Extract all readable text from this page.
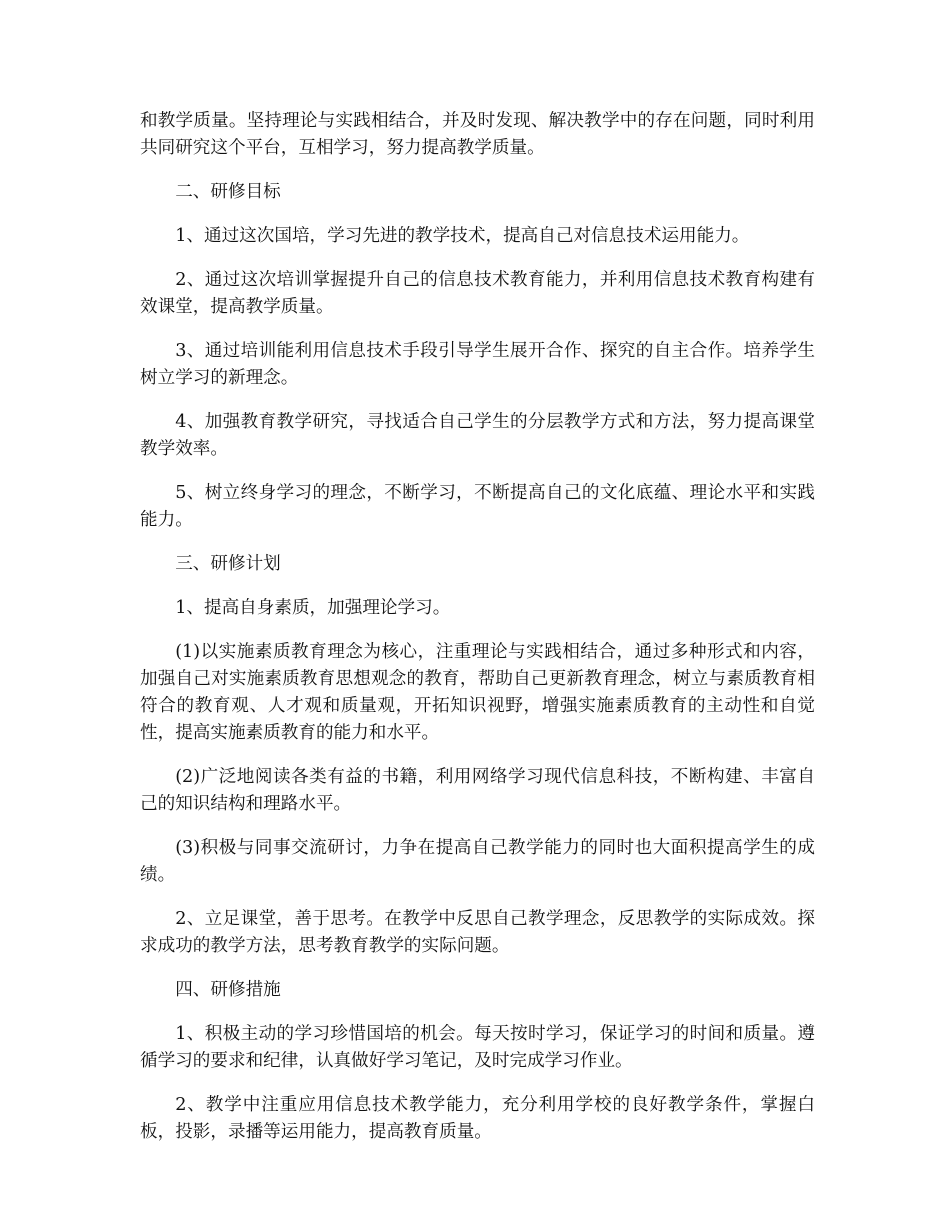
和教学质量。坚持理论与实践相结合，并及时发现、解决教学中的存在问题，同时利用共同研究这个平台，互相学习，努力提高教学质量。

二、研修目标

1、通过这次国培，学习先进的教学技术，提高自己对信息技术运用能力。

2、通过这次培训掌握提升自己的信息技术教育能力，并利用信息技术教育构建有效课堂，提高教学质量。

3、通过培训能利用信息技术手段引导学生展开合作、探究的自主合作。培养学生树立学习的新理念。

4、加强教育教学研究，寻找适合自己学生的分层教学方式和方法，努力提高课堂教学效率。

5、树立终身学习的理念，不断学习，不断提高自己的文化底蕴、理论水平和实践能力。

三、研修计划

1、提高自身素质，加强理论学习。

(1)以实施素质教育理念为核心，注重理论与实践相结合，通过多种形式和内容，加强自己对实施素质教育思想观念的教育，帮助自己更新教育理念，树立与素质教育相符合的教育观、人才观和质量观，开拓知识视野，增强实施素质教育的主动性和自觉性，提高实施素质教育的能力和水平。

(2)广泛地阅读各类有益的书籍，利用网络学习现代信息科技，不断构建、丰富自己的知识结构和理路水平。

(3)积极与同事交流研讨，力争在提高自己教学能力的同时也大面积提高学生的成绩。

2、立足课堂，善于思考。在教学中反思自己教学理念，反思教学的实际成效。探求成功的教学方法，思考教育教学的实际问题。

四、研修措施

1、积极主动的学习珍惜国培的机会。每天按时学习，保证学习的时间和质量。遵循学习的要求和纪律，认真做好学习笔记，及时完成学习作业。

2、教学中注重应用信息技术教学能力，充分利用学校的良好教学条件，掌握白板，投影，录播等运用能力，提高教育质量。
